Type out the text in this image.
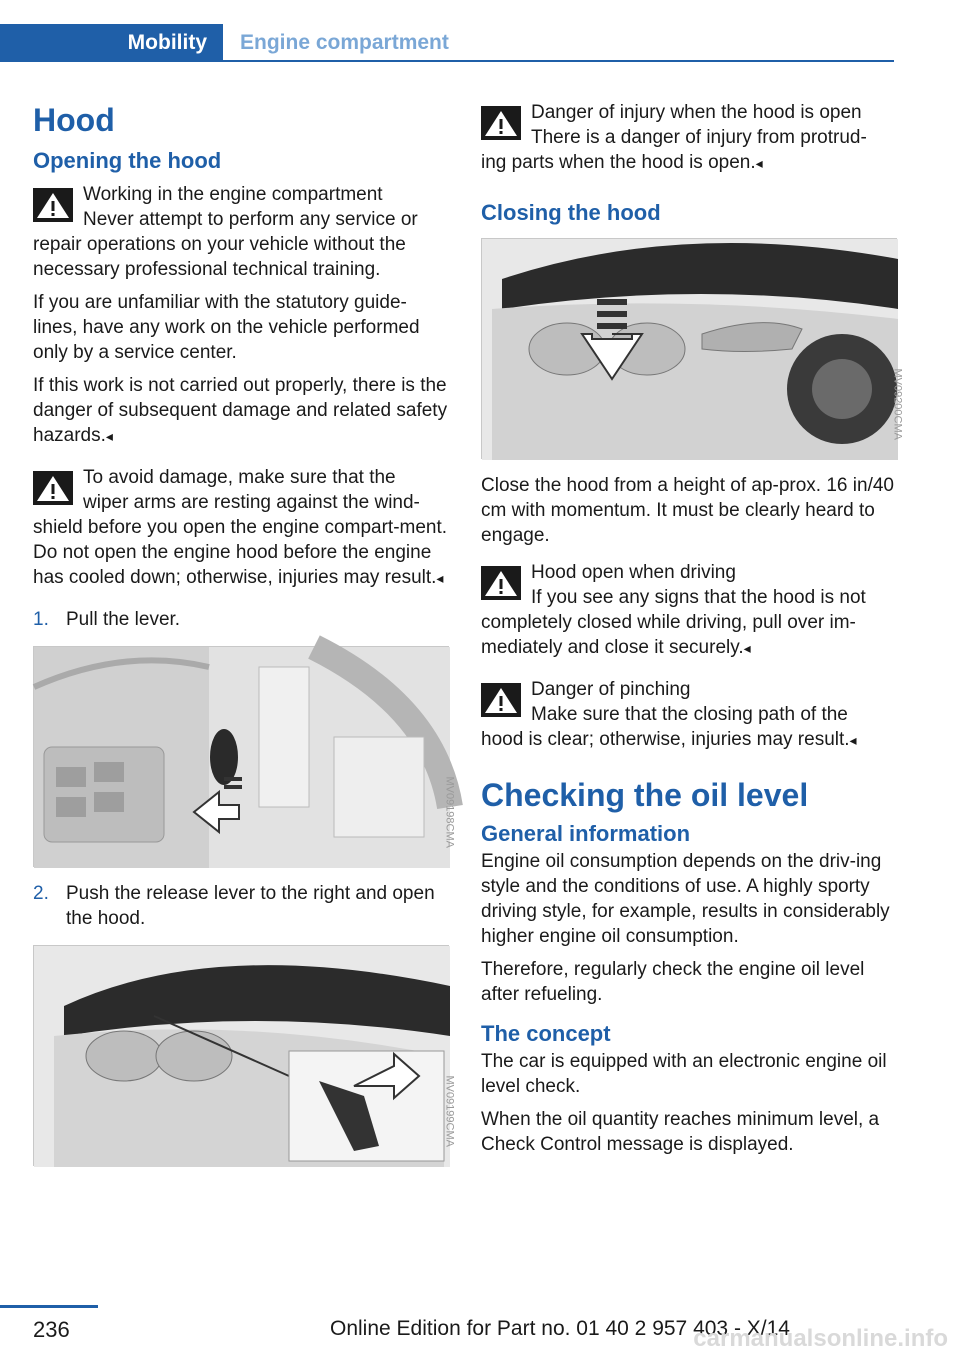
Mobility	Engine compartment
Hood
Opening the hood
Working in the engine compartment
Never attempt to perform any service or
repair operations on your vehicle without the necessary professional technical training.
If you are unfamiliar with the statutory guide-lines, have any work on the vehicle performed only by a service center.
If this work is not carried out properly, there is the danger of subsequent damage and related safety hazards.◂
To avoid damage, make sure that the
wiper arms are resting against the wind-
shield before you open the engine compart-ment. Do not open the engine hood before the engine has cooled down; otherwise, injuries may result.◂
1. Pull the lever.
MV09198CMA
2. Push the release lever to the right and open the hood.
MV09199CMA
Danger of injury when the hood is open
There is a danger of injury from protrud-
ing parts when the hood is open.◂
Closing the hood
MV09200CMA

Close the hood from a height of ap-prox. 16 in/40 cm with momentum. It must be clearly heard to engage.

Hood open when driving
If you see any signs that the hood is not
completely closed while driving, pull over im-mediately and close it securely.◂
Danger of pinching
Make sure that the closing path of the
hood is clear; otherwise, injuries may result.◂
Checking the oil level
General information

Engine oil consumption depends on the driv-ing style and the conditions of use. A highly sporty driving style, for example, results in considerably higher engine oil consumption.

Therefore, regularly check the engine oil level after refueling.

The concept

The car is equipped with an electronic engine oil level check.

When the oil quantity reaches minimum level, a Check Control message is displayed.

236	Online Edition for Part no. 01 40 2 957 403 - X/14
carmanualsonline.info
